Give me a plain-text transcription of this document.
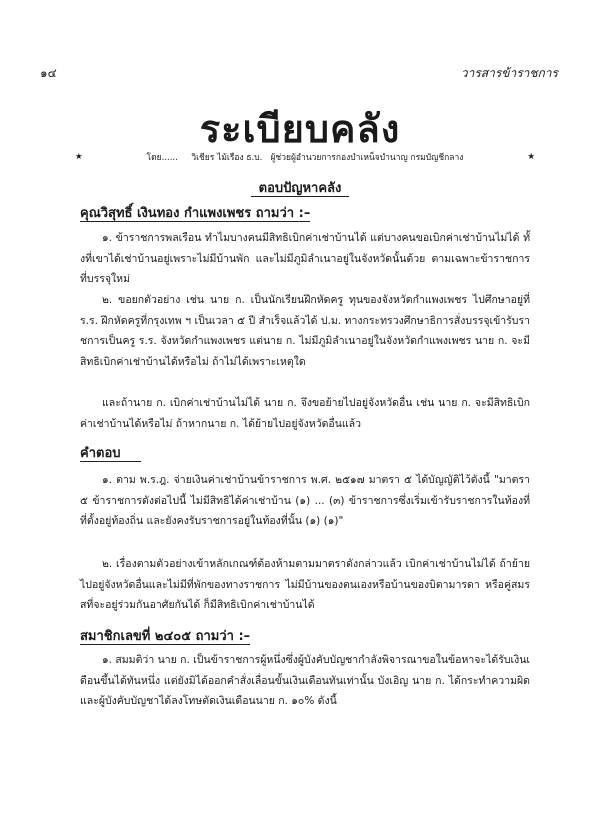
๑๔	วารสารข้าราชการ
ระเบียบคลัง
★	โดย...... วิเชียร ไม้เรือง ธ.บ. ผู้ช่วยผู้อำนวยการกองบำเหน็จบำนาญ กรมบัญชีกลาง	★
ตอบปัญหาคลัง
คุณวิสุทธิ์ เงินทอง กำแพงเพชร ถามว่า :–
๑. ข้าราชการพลเรือน ทำไมบางคนมีสิทธิเบิกค่าเช่าบ้านได้ แต่บางคนขอเบิกค่าเช่าบ้านไม่ได้ ทั้งที่เขาได้เช่าบ้านอยู่เพราะไม่มีบ้านพัก และไม่มีภูมิลำเนาอยู่ในจังหวัดนั้นด้วย ตามเฉพาะข้าราชการที่บรรจุใหม่
๒. ขอยกตัวอย่าง เช่น นาย ก. เป็นนักเรียนฝึกหัดครู ทุนของจังหวัดกำแพงเพชร ไปศึกษาอยู่ที่ ร.ร. ฝึกหัดครูที่กรุงเทพ ฯ เป็นเวลา ๕ ปี สำเร็จแล้วได้ ป.ม. ทางกระทรวงศึกษาธิการสั่งบรรจุเข้ารับราชการเป็นครู ร.ร. จังหวัดกำแพงเพชร แต่นาย ก. ไม่มีภูมิลำเนาอยู่ในจังหวัดกำแพงเพชร นาย ก. จะมีสิทธิเบิกค่าเช่าบ้านได้หรือไม่ ถ้าไม่ได้เพราะเหตุใด
และถ้านาย ก. เบิกค่าเช่าบ้านไม่ได้ นาย ก. จึงขอย้ายไปอยู่จังหวัดอื่น เช่น นาย ก. จะมีสิทธิเบิกค่าเช่าบ้านได้หรือไม่ ถ้าหากนาย ก. ได้ย้ายไปอยู่จังหวัดอื่นแล้ว
คำตอบ
๑. ตาม พ.ร.ฎ. จ่ายเงินค่าเช่าบ้านข้าราชการ พ.ศ. ๒๕๑๗ มาตรา ๕ ได้บัญญัติไว้ดังนี้ "มาตรา ๕ ข้าราชการดังต่อไปนี้ ไม่มีสิทธิได้ค่าเช่าบ้าน (๑) ... (๓) ข้าราชการซึ่งเริ่มเข้ารับราชการในท้องที่ที่ตั้งอยู่ท้องถิ่น และยังคงรับราชการอยู่ในท้องที่นั้น (๑) (๑)"
๒. เรื่องตามตัวอย่างเข้าหลักเกณฑ์ต้องห้ามตามมาตราดังกล่าวแล้ว เบิกค่าเช่าบ้านไม่ได้ ถ้าย้ายไปอยู่จังหวัดอื่นและไม่มีที่พักของทางราชการ ไม่มีบ้านของตนเองหรือบ้านของบิดามารดา หรือคู่สมรสที่จะอยู่ร่วมกันอาศัยกันได้ ก็มีสิทธิเบิกค่าเช่าบ้านได้
สมาชิกเลขที่ ๒๔๐๕ ถามว่า :–
๑. สมมติว่า นาย ก. เป็นข้าราชการผู้หนึ่งซึ่งผู้บังคับบัญชากำลังพิจารณาขอในข้อหาจะได้รับเงินเดือนขึ้นได้ทันหนึ่ง แต่ยังมิได้ออกคำสั่งเลื่อนขั้นเงินเดือนทันเท่านั้น บังเอิญ นาย ก. ได้กระทำความผิดและผู้บังคับบัญชาได้ลงโทษตัดเงินเดือนนาย ก. ๑๐% ดังนี้
